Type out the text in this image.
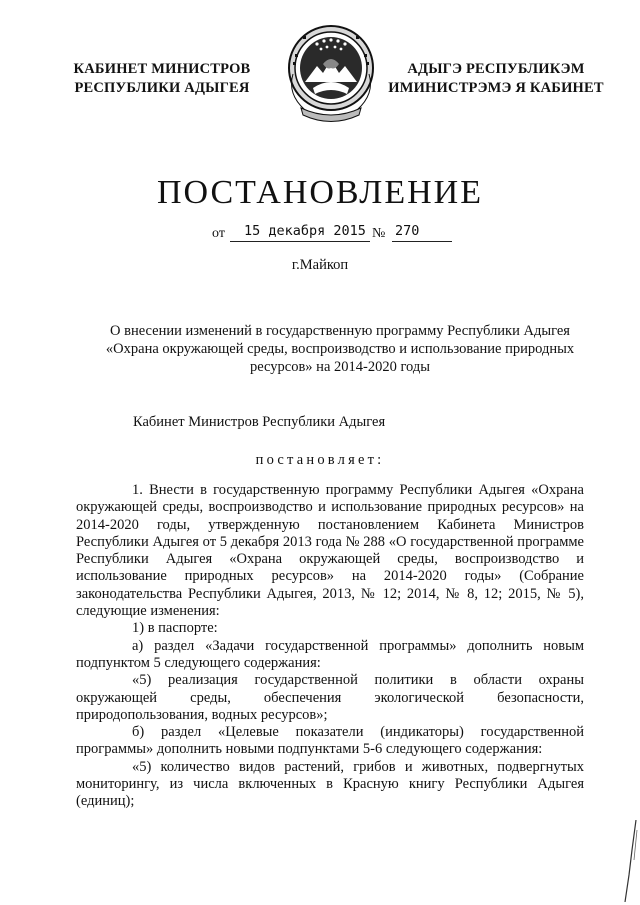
КАБИНЕТ МИНИСТРОВ
РЕСПУБЛИКИ АДЫГЕЯ
АДЫГЭ РЕСПУБЛИКЭМ
ИМИНИСТРЭМЭ Я КАБИНЕТ
ПОСТАНОВЛЕНИЕ
от 15 декабря 2015 № 270
г.Майкоп
О внесении изменений в государственную программу Республики Адыгея
«Охрана окружающей среды, воспроизводство и использование природных
ресурсов» на 2014-2020 годы
Кабинет Министров Республики Адыгея
постановляет:

1. Внести в государственную программу Республики Адыгея «Охрана окружающей среды, воспроизводство и использование природных ресурсов» на 2014-2020 годы, утвержденную постановлением Кабинета Министров Республики Адыгея от 5 декабря 2013 года № 288 «О государственной программе Республики Адыгея «Охрана окружающей среды, воспроизводство и использование природных ресурсов» на 2014-2020 годы» (Собрание законодательства Республики Адыгея, 2013, № 12; 2014, № 8, 12; 2015, № 5), следующие изменения:

1) в паспорте:

а) раздел «Задачи государственной программы» дополнить новым подпунктом 5 следующего содержания:

«5) реализация государственной политики в области охраны окружающей среды, обеспечения экологической безопасности, природопользования, водных ресурсов»;

б) раздел «Целевые показатели (индикаторы) государственной программы» дополнить новыми подпунктами 5-6 следующего содержания:

«5) количество видов растений, грибов и животных, подвергнутых мониторингу, из числа включенных в Красную книгу Республики Адыгея (единиц);
